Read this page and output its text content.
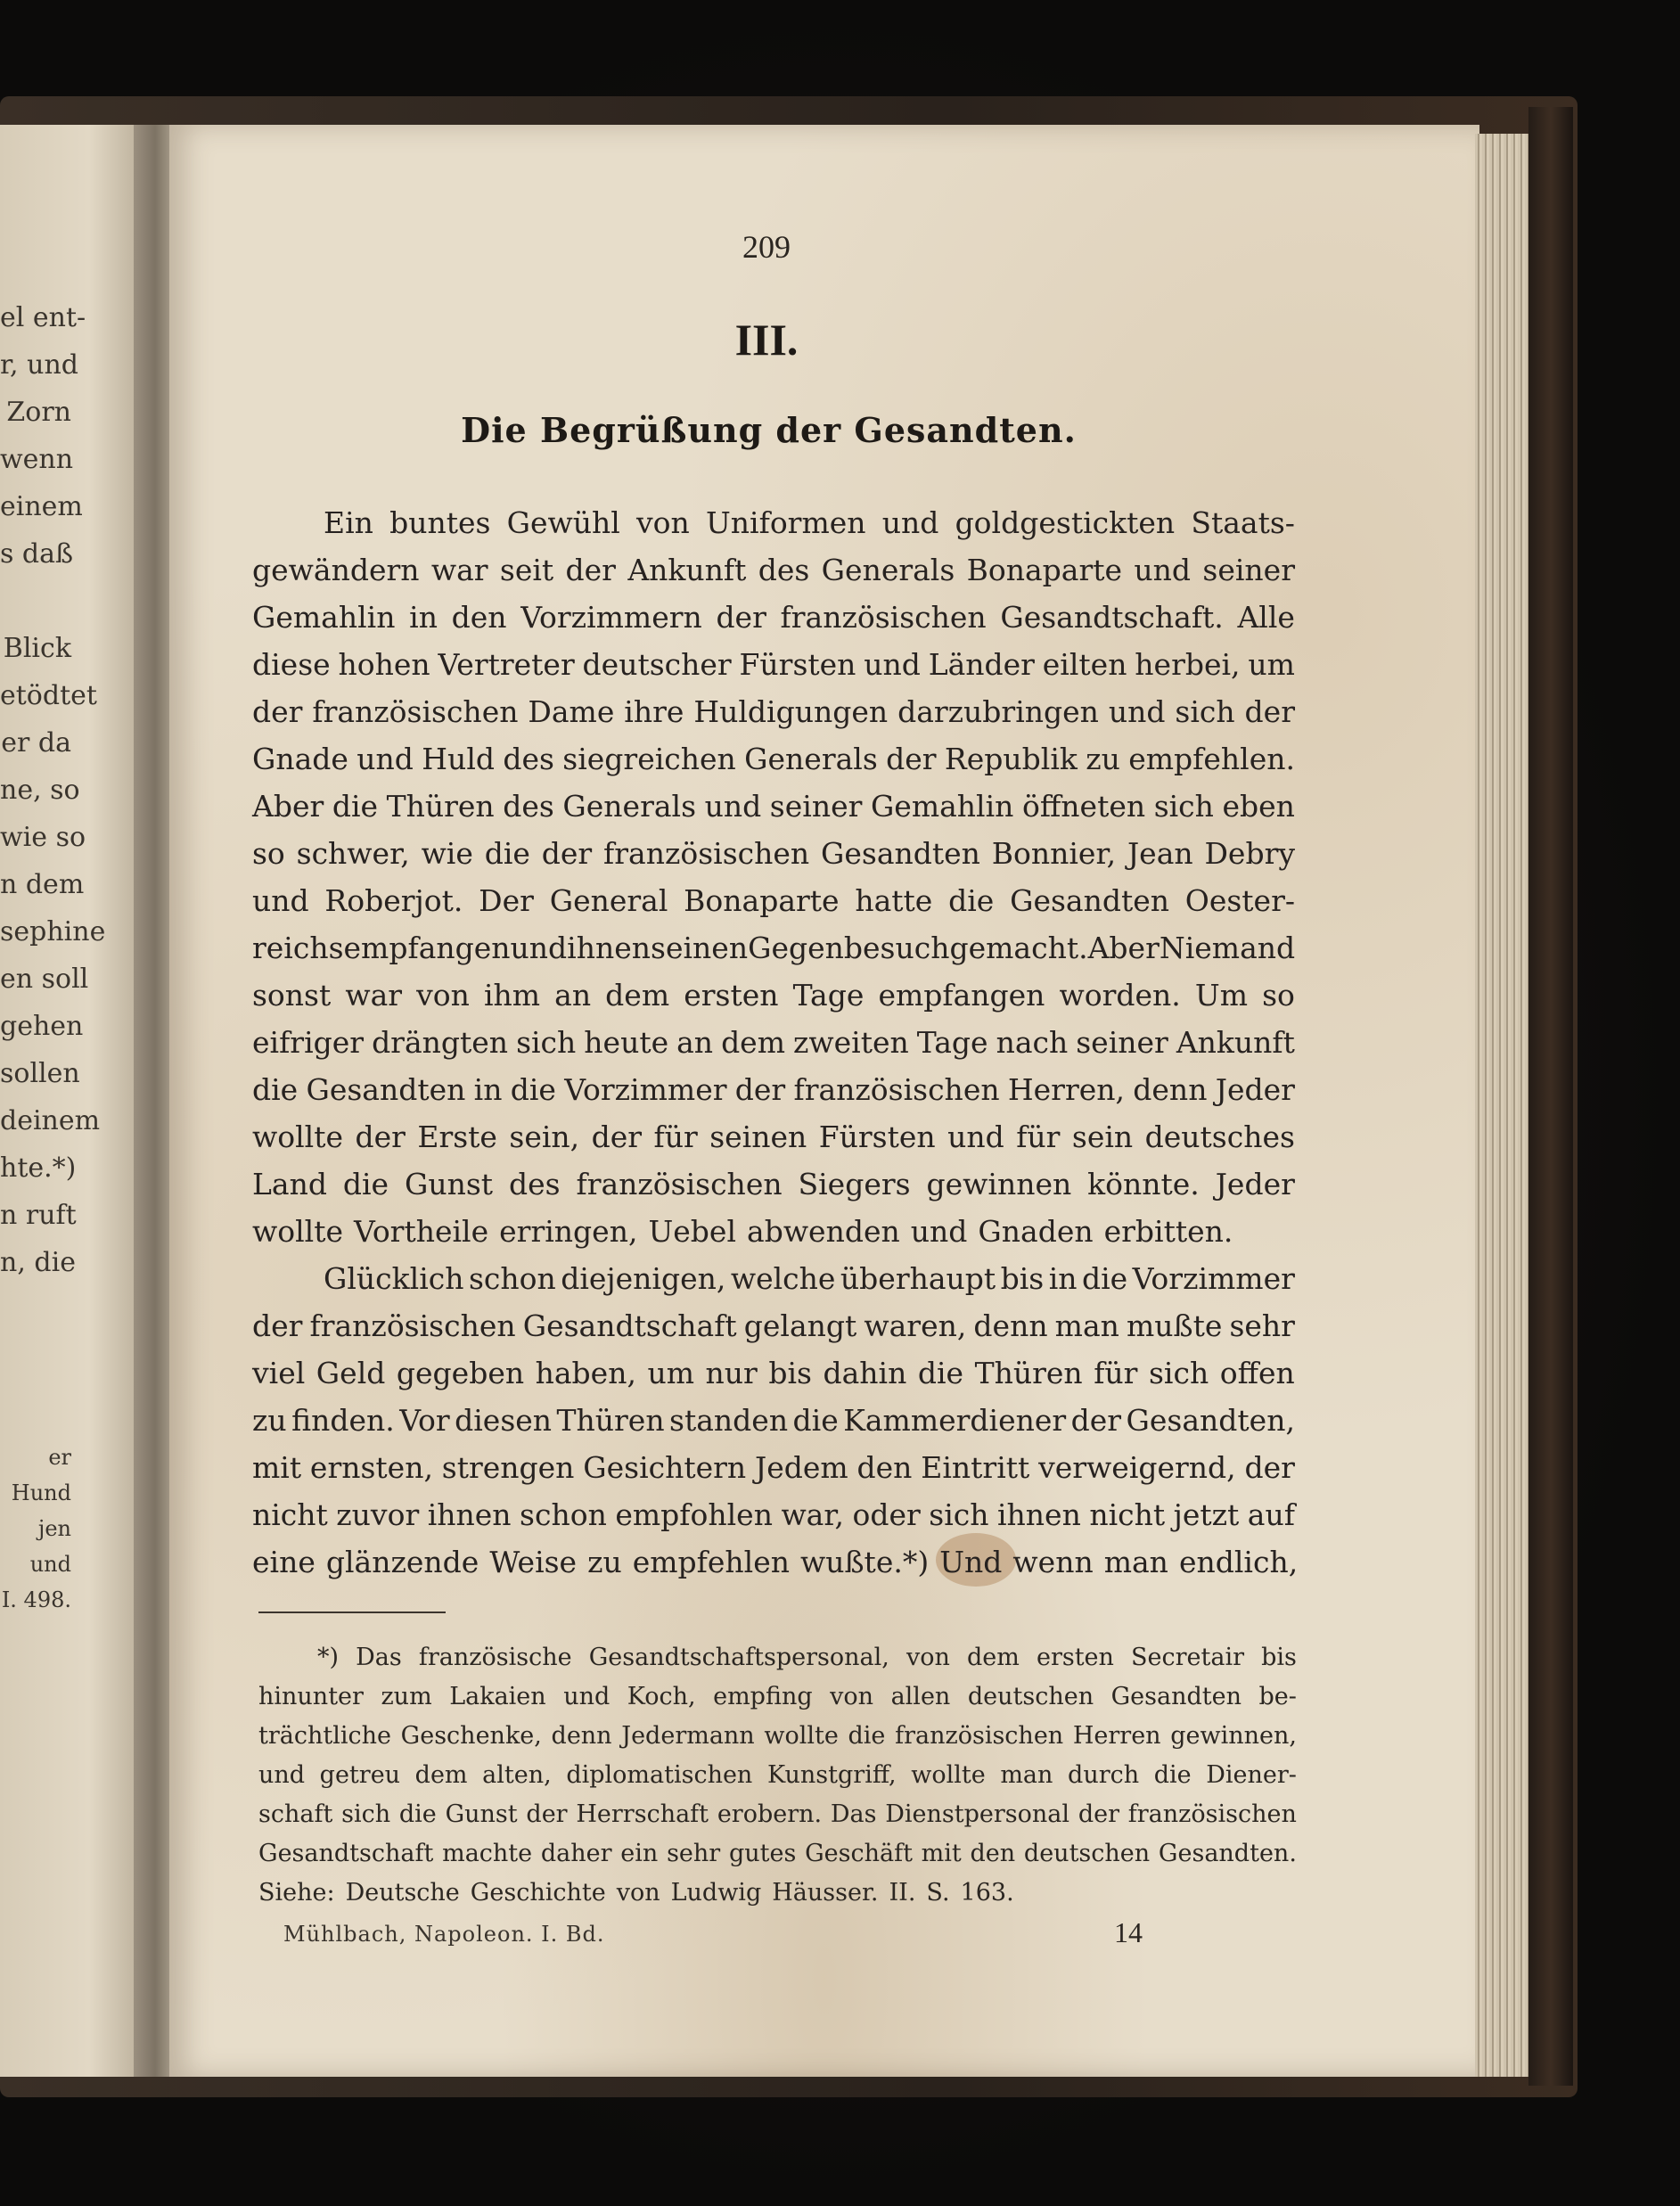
el ent-
r, und
Zorn
wenn
einem
s daß
Blick
etödtet
er da
ne, so
wie so
n dem
sephine
en soll
gehen
sollen
deinem
hte.*)
n ruft
n, die
er Hund
jen und
I. 498.
209
III.
Die Begrüßung der Gesandten.
Ein buntes Gewühl von Uniformen und goldgestickten Staats-
gewändern war seit der Ankunft des Generals Bonaparte und seiner
Gemahlin in den Vorzimmern der französischen Gesandtschaft. Alle
diese hohen Vertreter deutscher Fürsten und Länder eilten herbei, um
der französischen Dame ihre Huldigungen darzubringen und sich der
Gnade und Huld des siegreichen Generals der Republik zu empfehlen.
Aber die Thüren des Generals und seiner Gemahlin öffneten sich eben
so schwer, wie die der französischen Gesandten Bonnier, Jean Debry
und Roberjot. Der General Bonaparte hatte die Gesandten Oester-
reichs empfangen und ihnen seinen Gegenbesuch gemacht. Aber Niemand
sonst war von ihm an dem ersten Tage empfangen worden. Um so
eifriger drängten sich heute an dem zweiten Tage nach seiner Ankunft
die Gesandten in die Vorzimmer der französischen Herren, denn Jeder
wollte der Erste sein, der für seinen Fürsten und für sein deutsches
Land die Gunst des französischen Siegers gewinnen könnte. Jeder
wollte Vortheile erringen, Uebel abwenden und Gnaden erbitten.
Glücklich schon diejenigen, welche überhaupt bis in die Vorzimmer
der französischen Gesandtschaft gelangt waren, denn man mußte sehr
viel Geld gegeben haben, um nur bis dahin die Thüren für sich offen
zu finden. Vor diesen Thüren standen die Kammerdiener der Gesandten,
mit ernsten, strengen Gesichtern Jedem den Eintritt verweigernd, der
nicht zuvor ihnen schon empfohlen war, oder sich ihnen nicht jetzt auf
eine glänzende Weise zu empfehlen wußte.*) Und wenn man endlich,
*) Das französische Gesandtschaftspersonal, von dem ersten Secretair bis
hinunter zum Lakaien und Koch, empfing von allen deutschen Gesandten be-
trächtliche Geschenke, denn Jedermann wollte die französischen Herren gewinnen,
und getreu dem alten, diplomatischen Kunstgriff, wollte man durch die Diener-
schaft sich die Gunst der Herrschaft erobern. Das Dienstpersonal der französischen
Gesandtschaft machte daher ein sehr gutes Geschäft mit den deutschen Gesandten.
Siehe: Deutsche Geschichte von Ludwig Häusser. II. S. 163.
Mühlbach, Napoleon. I. Bd.	14
